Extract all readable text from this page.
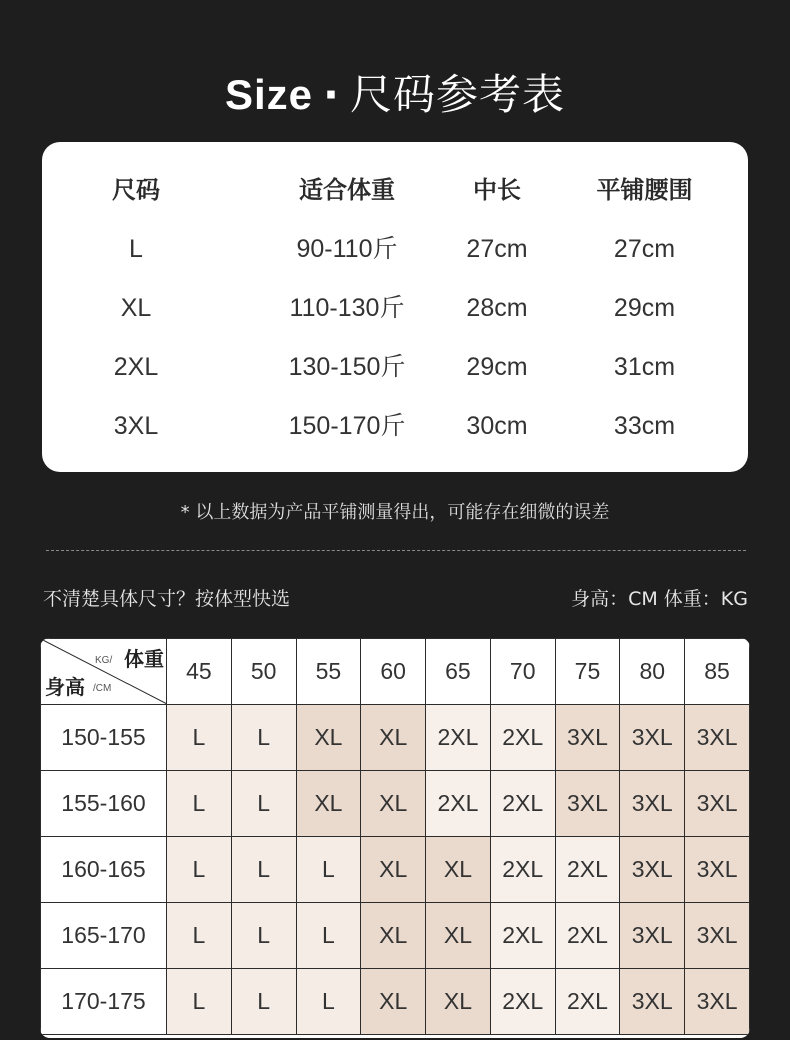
Size · 尺码参考表
尺码	适合体重	中长	平铺腰围
L	90-110斤	27cm	27cm
XL	110-130斤	28cm	29cm
2XL	130-150斤	29cm	31cm
3XL	150-170斤	30cm	33cm
* 以上数据为产品平铺测量得出，可能存在细微的误差
不清楚具体尺寸？按体型快选	身高：CM 体重：KG
KG/ 体重
身高 /CM	45	50	55	60	65	70	75	80	85
150-155	L	L	XL	XL	2XL	2XL	3XL	3XL	3XL
155-160	L	L	XL	XL	2XL	2XL	3XL	3XL	3XL
160-165	L	L	L	XL	XL	2XL	2XL	3XL	3XL
165-170	L	L	L	XL	XL	2XL	2XL	3XL	3XL
170-175	L	L	L	XL	XL	2XL	2XL	3XL	3XL
